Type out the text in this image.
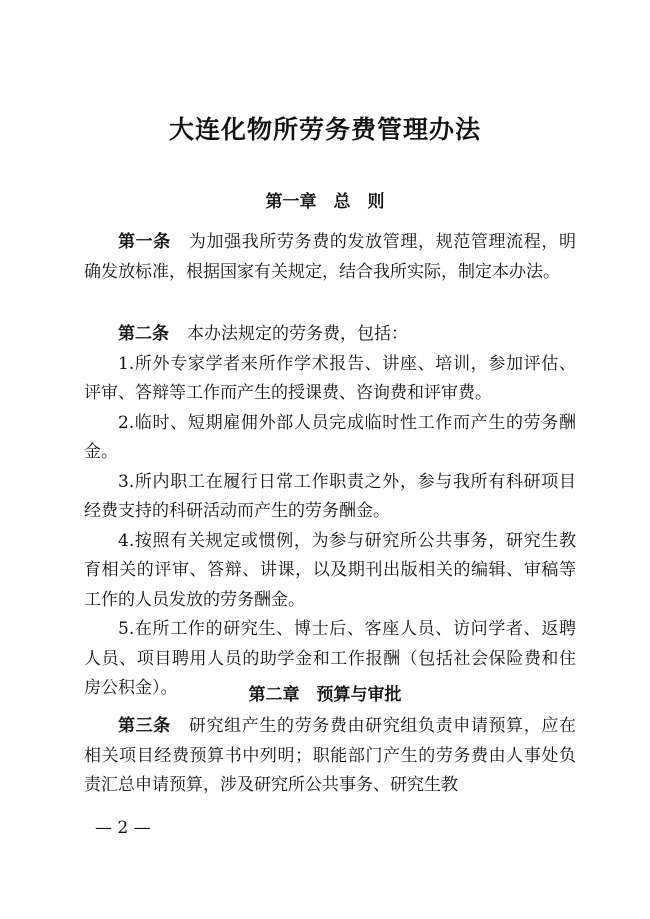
大连化物所劳务费管理办法
第一章　总　则

第一条 为加强我所劳务费的发放管理，规范管理流程，明确发放标准，根据国家有关规定，结合我所实际，制定本办法。

第二条 本办法规定的劳务费，包括：

1.所外专家学者来所作学术报告、讲座、培训，参加评估、评审、答辩等工作而产生的授课费、咨询费和评审费。

2.临时、短期雇佣外部人员完成临时性工作而产生的劳务酬金。

3.所内职工在履行日常工作职责之外，参与我所有科研项目经费支持的科研活动而产生的劳务酬金。

4.按照有关规定或惯例，为参与研究所公共事务，研究生教育相关的评审、答辩、讲课，以及期刊出版相关的编辑、审稿等工作的人员发放的劳务酬金。

5.在所工作的研究生、博士后、客座人员、访问学者、返聘人员、项目聘用人员的助学金和工作报酬（包括社会保险费和住房公积金）。	第二章　预算与审批

第三条 研究组产生的劳务费由研究组负责申请预算，应在相关项目经费预算书中列明；职能部门产生的劳务费由人事处负责汇总申请预算，涉及研究所公共事务、研究生教

— 2 —
